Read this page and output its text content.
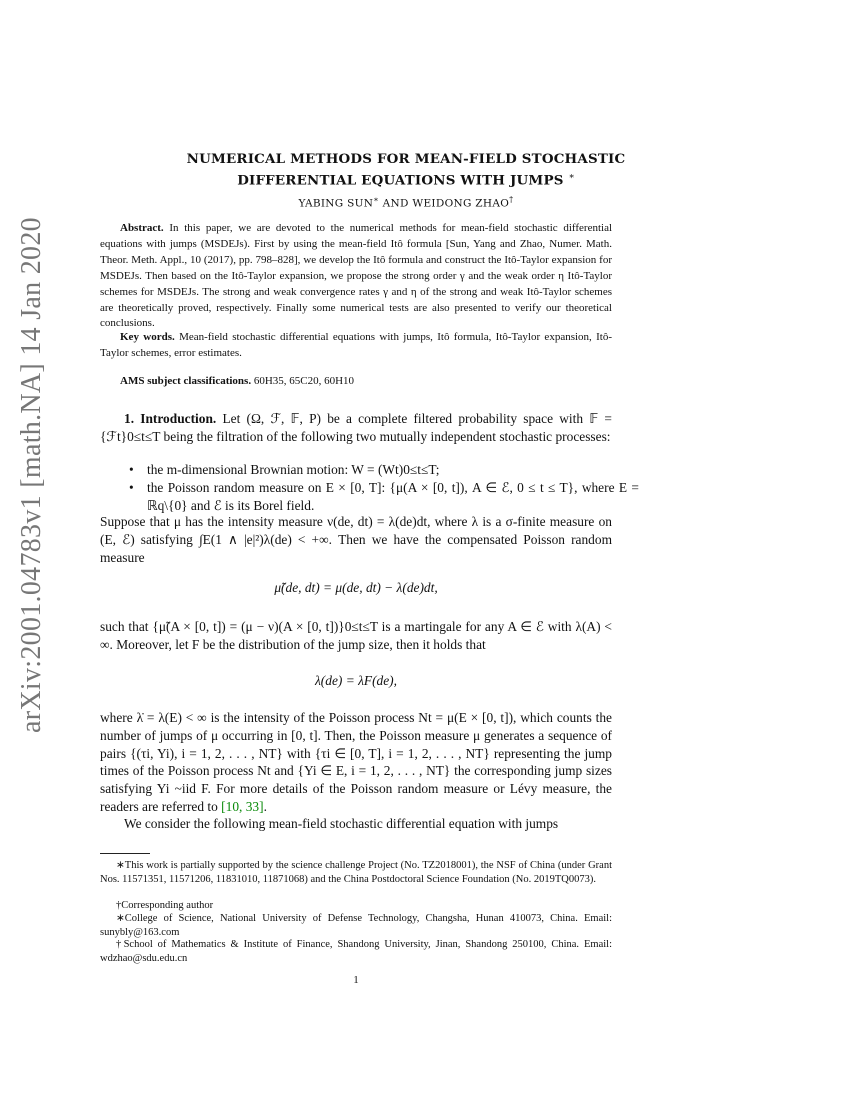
arXiv:2001.04783v1 [math.NA] 14 Jan 2020
NUMERICAL METHODS FOR MEAN-FIELD STOCHASTIC
DIFFERENTIAL EQUATIONS WITH JUMPS ∗
YABING SUN∗ AND WEIDONG ZHAO†
Abstract. In this paper, we are devoted to the numerical methods for mean-field stochastic differential equations with jumps (MSDEJs). First by using the mean-field Itô formula [Sun, Yang and Zhao, Numer. Math. Theor. Meth. Appl., 10 (2017), pp. 798–828], we develop the Itô formula and construct the Itô-Taylor expansion for MSDEJs. Then based on the Itô-Taylor expansion, we propose the strong order γ and the weak order η Itô-Taylor schemes for MSDEJs. The strong and weak convergence rates γ and η of the strong and weak Itô-Taylor schemes are theoretically proved, respectively. Finally some numerical tests are also presented to verify our theoretical conclusions.
Key words. Mean-field stochastic differential equations with jumps, Itô formula, Itô-Taylor expansion, Itô-Taylor schemes, error estimates.
AMS subject classifications. 60H35, 65C20, 60H10
1. Introduction. Let (Ω, ℱ, 𝔽, P) be a complete filtered probability space with 𝔽 = {ℱt}0≤t≤T being the filtration of the following two mutually independent stochastic processes:
• the m-dimensional Brownian motion: W = (Wt)0≤t≤T;
• the Poisson random measure on E × [0, T]: {μ(A × [0, t]), A ∈ ℰ, 0 ≤ t ≤ T}, where E = ℝq\{0} and ℰ is its Borel field.
Suppose that μ has the intensity measure ν(de, dt) = λ(de)dt, where λ is a σ-finite measure on (E, ℰ) satisfying ∫E(1 ∧ |e|²)λ(de) < +∞. Then we have the compensated Poisson random measure
μ̃(de, dt) = μ(de, dt) − λ(de)dt,
such that {μ̃(A × [0, t]) = (μ − ν)(A × [0, t])}0≤t≤T is a martingale for any A ∈ ℰ with λ(A) < ∞. Moreover, let F be the distribution of the jump size, then it holds that
λ(de) = λ̇F(de),
where λ̇ = λ(E) < ∞ is the intensity of the Poisson process Nt = μ(E × [0, t]), which counts the number of jumps of μ occurring in [0, t]. Then, the Poisson measure μ generates a sequence of pairs {(τi, Yi), i = 1, 2, . . . , NT} with {τi ∈ [0, T], i = 1, 2, . . . , NT} representing the jump times of the Poisson process Nt and {Yi ∈ E, i = 1, 2, . . . , NT} the corresponding jump sizes satisfying Yi ~iid F. For more details of the Poisson random measure or Lévy measure, the readers are referred to [10, 33].
We consider the following mean-field stochastic differential equation with jumps
∗This work is partially supported by the science challenge Project (No. TZ2018001), the NSF of China (under Grant Nos. 11571351, 11571206, 11831010, 11871068) and the China Postdoctoral Science Foundation (No. 2019TQ0073).
†Corresponding author
∗College of Science, National University of Defense Technology, Changsha, Hunan 410073, China. Email: sunybly@163.com
†School of Mathematics & Institute of Finance, Shandong University, Jinan, Shandong 250100, China. Email: wdzhao@sdu.edu.cn
1
